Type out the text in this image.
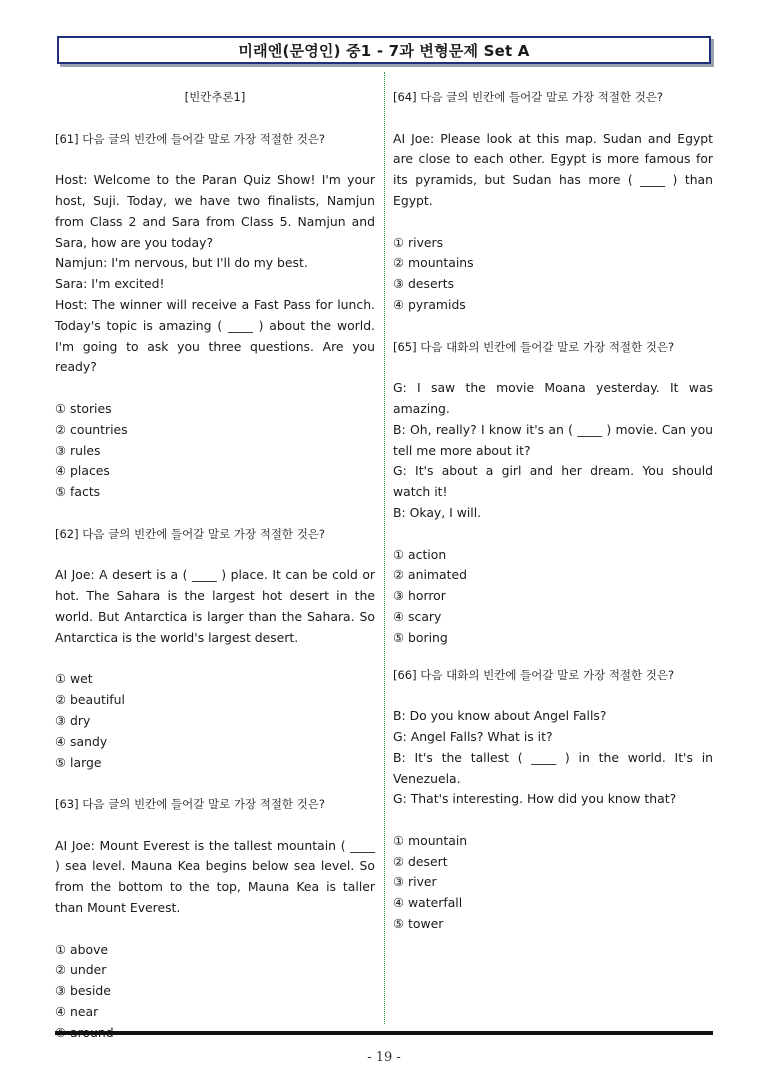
미래엔(문영인) 중1 - 7과 변형문제 Set A
[빈칸추론1]
[61] 다음 글의 빈칸에 들어갈 말로 가장 적절한 것은?
Host: Welcome to the Paran Quiz Show! I'm your host, Suji. Today, we have two finalists, Namjun from Class 2 and Sara from Class 5. Namjun and Sara, how are you today?
Namjun: I'm nervous, but I'll do my best.
Sara: I'm excited!
Host: The winner will receive a Fast Pass for lunch. Today's topic is amazing ( ____ ) about the world. I'm going to ask you three questions. Are you ready?
① stories
② countries
③ rules
④ places
⑤ facts
[62] 다음 글의 빈칸에 들어갈 말로 가장 적절한 것은?
AI Joe: A desert is a ( ____ ) place. It can be cold or hot. The Sahara is the largest hot desert in the world. But Antarctica is larger than the Sahara. So Antarctica is the world's largest desert.
① wet
② beautiful
③ dry
④ sandy
⑤ large
[63] 다음 글의 빈칸에 들어갈 말로 가장 적절한 것은?
AI Joe: Mount Everest is the tallest mountain ( ____ ) sea level. Mauna Kea begins below sea level. So from the bottom to the top, Mauna Kea is taller than Mount Everest.
① above
② under
③ beside
④ near
[64] 다음 글의 빈칸에 들어갈 말로 가장 적절한 것은?
AI Joe: Please look at this map. Sudan and Egypt are close to each other. Egypt is more famous for its pyramids, but Sudan has more ( ____ ) than Egypt.
① rivers
② mountains
③ deserts
④ pyramids
[65] 다음 대화의 빈칸에 들어갈 말로 가장 적절한 것은?
G: I saw the movie Moana yesterday. It was amazing.
B: Oh, really? I know it's an ( ____ ) movie. Can you tell me more about it?
G: It's about a girl and her dream. You should watch it!
B: Okay, I will.
① action
② animated
③ horror
④ scary
⑤ boring
[66] 다음 대화의 빈칸에 들어갈 말로 가장 적절한 것은?
B: Do you know about Angel Falls?
G: Angel Falls? What is it?
B: It's the tallest ( ____ ) in the world. It's in Venezuela.
G: That's interesting. How did you know that?
① mountain
② desert
③ river
④ waterfall
⑤ tower
- 19 -
